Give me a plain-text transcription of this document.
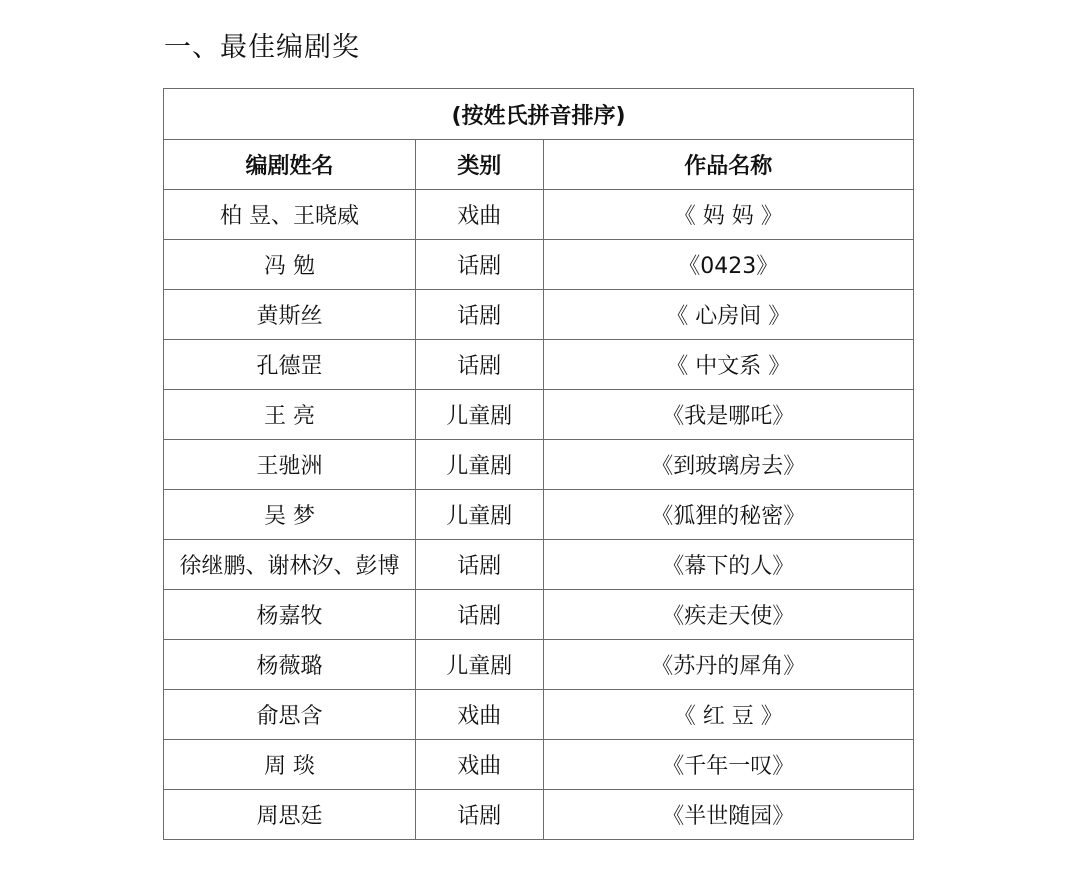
一、最佳编剧奖
(按姓氏拼音排序)		
编剧姓名	类别	作品名称
柏 昱、王晓威	戏曲	《 妈 妈 》
冯 勉	话剧	《0423》
黄斯丝	话剧	《 心房间 》
孔德罡	话剧	《 中文系 》
王 亮	儿童剧	《我是哪吒》
王驰洲	儿童剧	《到玻璃房去》
吴 梦	儿童剧	《狐狸的秘密》
徐继鹏、谢林汐、彭博	话剧	《幕下的人》
杨嘉牧	话剧	《疾走天使》
杨薇璐	儿童剧	《苏丹的犀角》
俞思含	戏曲	《 红 豆 》
周 琰	戏曲	《千年一叹》
周思廷	话剧	《半世随园》
